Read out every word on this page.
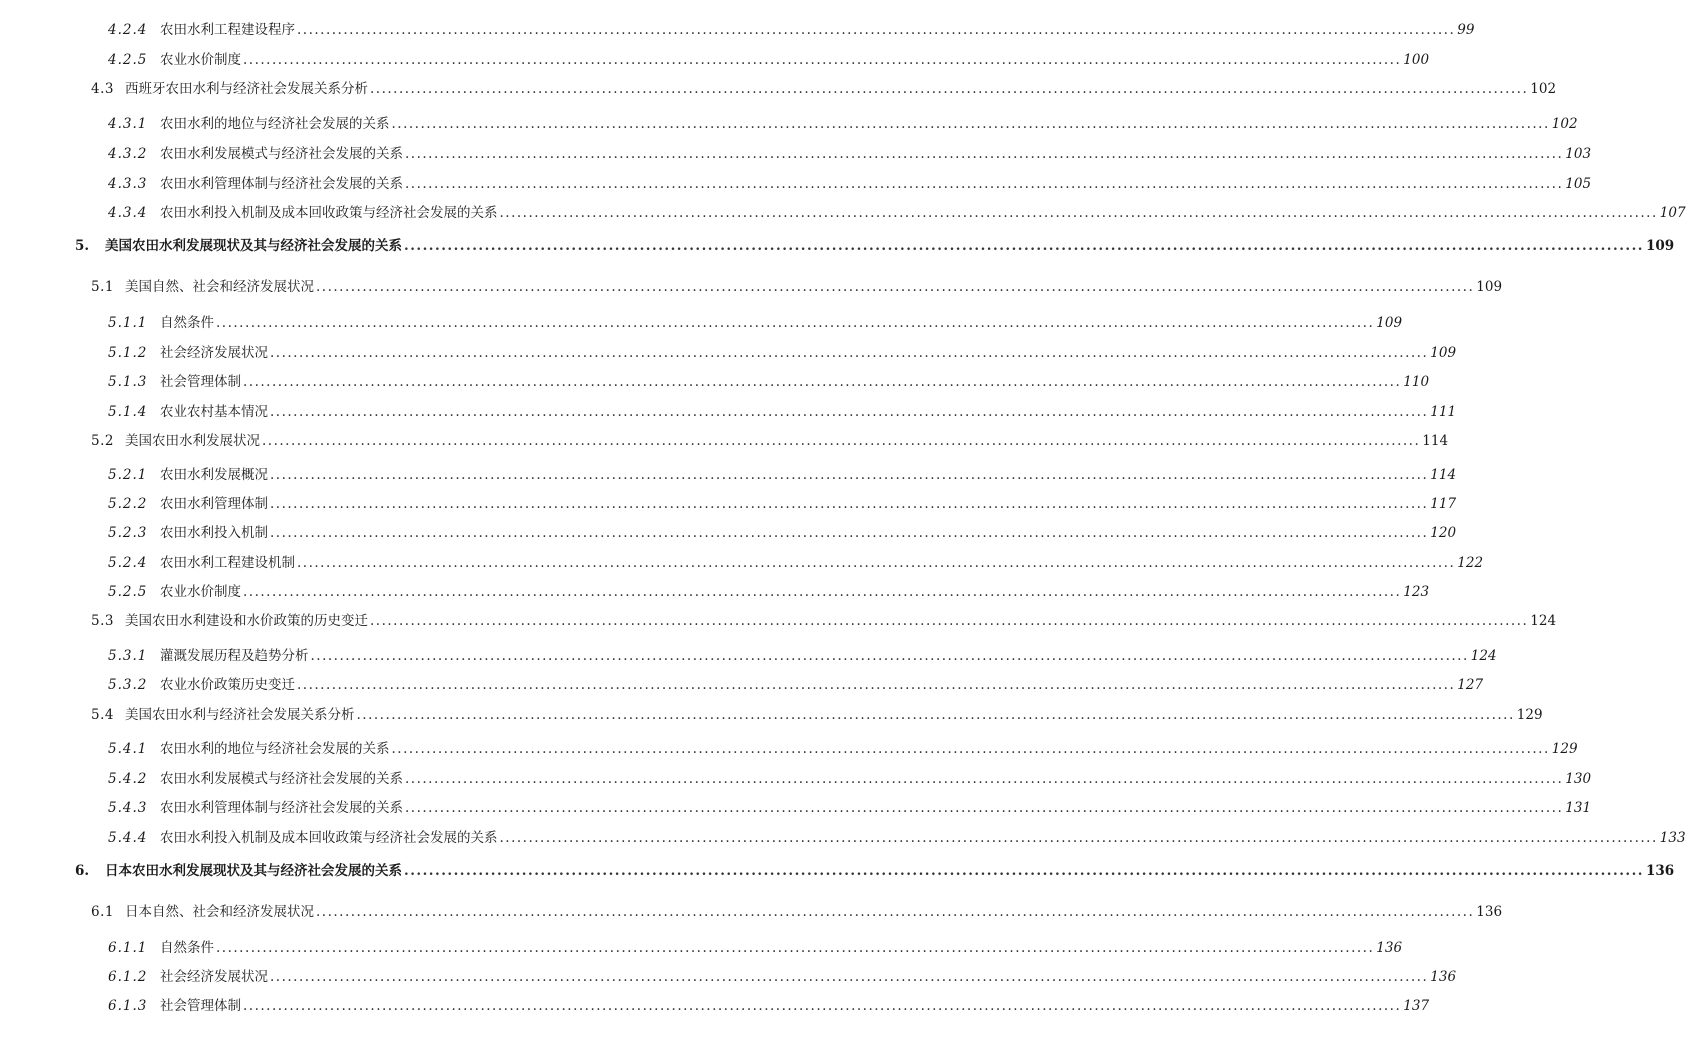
4.2.4 农田水利工程建设程序 ........................................................................................................................................................................................................ 99
4.2.5 农业水价制度 ........................................................................................................................................................................................................ 100
4.3 西班牙农田水利与经济社会发展关系分析 ........................................................................................................................................................................................................ 102
4.3.1 农田水利的地位与经济社会发展的关系 ........................................................................................................................................................................................................ 102
4.3.2 农田水利发展模式与经济社会发展的关系 ........................................................................................................................................................................................................ 103
4.3.3 农田水利管理体制与经济社会发展的关系 ........................................................................................................................................................................................................ 105
4.3.4 农田水利投入机制及成本回收政策与经济社会发展的关系 ........................................................................................................................................................................................................ 107
5.	美国农田水利发展现状及其与经济社会发展的关系 ........................................................................................................................................................................................................ 109
5.1 美国自然、社会和经济发展状况 ........................................................................................................................................................................................................ 109
5.1.1 自然条件 ........................................................................................................................................................................................................ 109
5.1.2 社会经济发展状况 ........................................................................................................................................................................................................ 109
5.1.3 社会管理体制 ........................................................................................................................................................................................................ 110
5.1.4 农业农村基本情况 ........................................................................................................................................................................................................ 111
5.2 美国农田水利发展状况 ........................................................................................................................................................................................................ 114
5.2.1 农田水利发展概况 ........................................................................................................................................................................................................ 114
5.2.2 农田水利管理体制 ........................................................................................................................................................................................................ 117
5.2.3 农田水利投入机制 ........................................................................................................................................................................................................ 120
5.2.4 农田水利工程建设机制 ........................................................................................................................................................................................................ 122
5.2.5 农业水价制度 ........................................................................................................................................................................................................ 123
5.3 美国农田水利建设和水价政策的历史变迁 ........................................................................................................................................................................................................ 124
5.3.1 灌溉发展历程及趋势分析 ........................................................................................................................................................................................................ 124
5.3.2 农业水价政策历史变迁 ........................................................................................................................................................................................................ 127
5.4 美国农田水利与经济社会发展关系分析 ........................................................................................................................................................................................................ 129
5.4.1 农田水利的地位与经济社会发展的关系 ........................................................................................................................................................................................................ 129
5.4.2 农田水利发展模式与经济社会发展的关系 ........................................................................................................................................................................................................ 130
5.4.3 农田水利管理体制与经济社会发展的关系 ........................................................................................................................................................................................................ 131
5.4.4 农田水利投入机制及成本回收政策与经济社会发展的关系 ........................................................................................................................................................................................................ 133
6.	日本农田水利发展现状及其与经济社会发展的关系 ........................................................................................................................................................................................................ 136
6.1 日本自然、社会和经济发展状况 ........................................................................................................................................................................................................ 136
6.1.1 自然条件 ........................................................................................................................................................................................................ 136
6.1.2 社会经济发展状况 ........................................................................................................................................................................................................ 136
6.1.3 社会管理体制 ........................................................................................................................................................................................................ 137
